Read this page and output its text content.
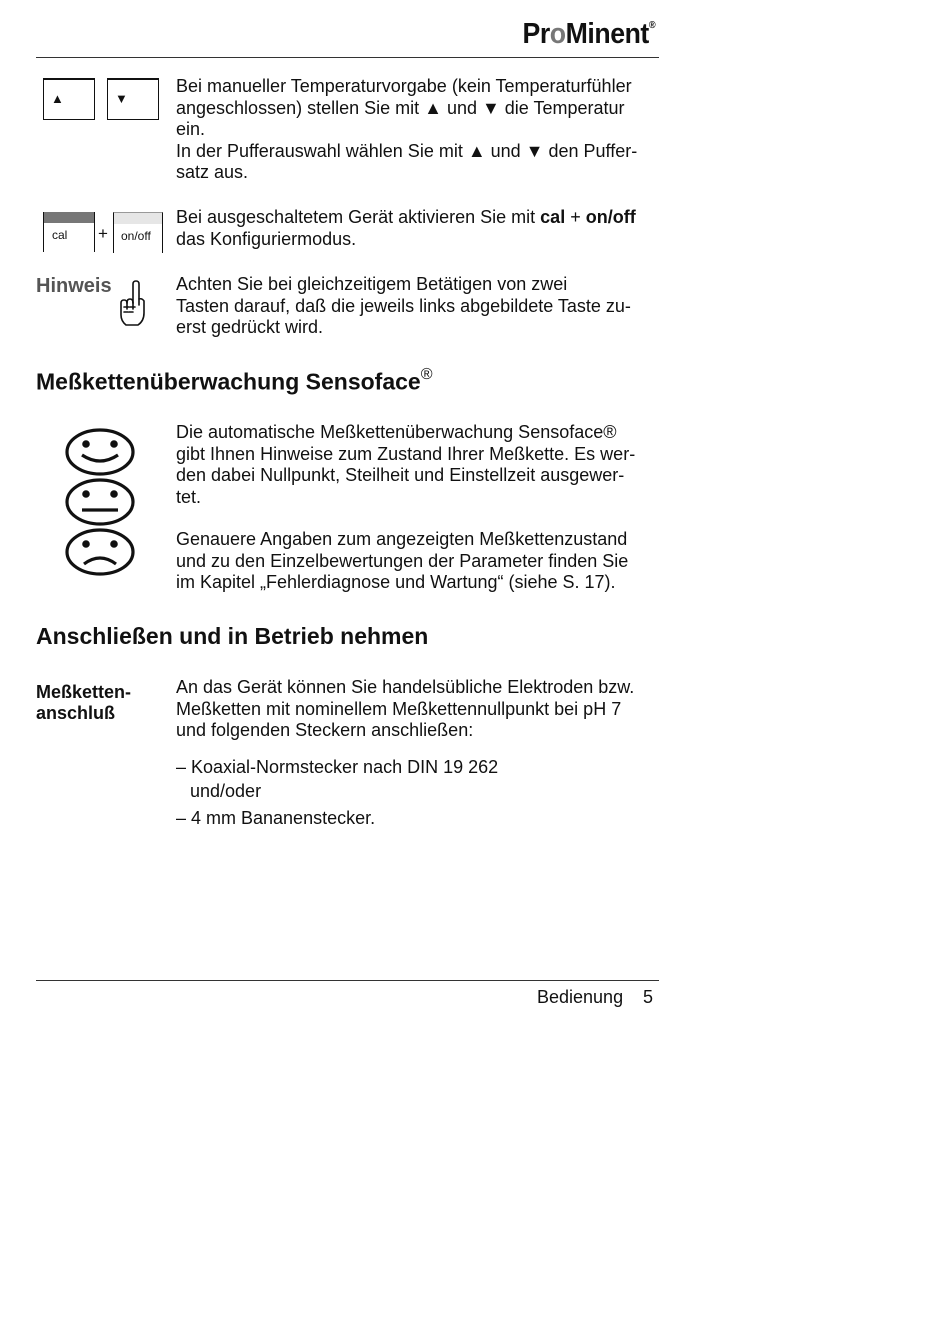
ProMinent®
▲	▼
Bei manueller Temperaturvorgabe (kein Temperaturfühler
angeschlossen) stellen Sie mit ▲ und ▼ die Temperatur
ein.
In der Pufferauswahl wählen Sie mit ▲ und ▼ den Puffer-
satz aus.
cal + on/off
Bei ausgeschaltetem Gerät aktivieren Sie mit cal + on/off
das Konfiguriermodus.
Hinweis	Achten Sie bei gleichzeitigem Betätigen von zwei
Tasten darauf, daß die jeweils links abgebildete Taste zu-
erst gedrückt wird.
Meßkettenüberwachung Sensoface®
Die automatische Meßkettenüberwachung Sensoface®
gibt Ihnen Hinweise zum Zustand Ihrer Meßkette. Es wer-
den dabei Nullpunkt, Steilheit und Einstellzeit ausgewer-
tet.
Genauere Angaben zum angezeigten Meßkettenzustand
und zu den Einzelbewertungen der Parameter finden Sie
im Kapitel „Fehlerdiagnose und Wartung“ (siehe S. 17).
Anschließen und in Betrieb nehmen
Meßketten-
anschluß
An das Gerät können Sie handelsübliche Elektroden bzw.
Meßketten mit nominellem Meßkettennullpunkt bei pH 7
und folgenden Steckern anschließen:
– Koaxial-Normstecker nach DIN 19 262
und/oder
– 4 mm Bananenstecker.
Bedienung 5
